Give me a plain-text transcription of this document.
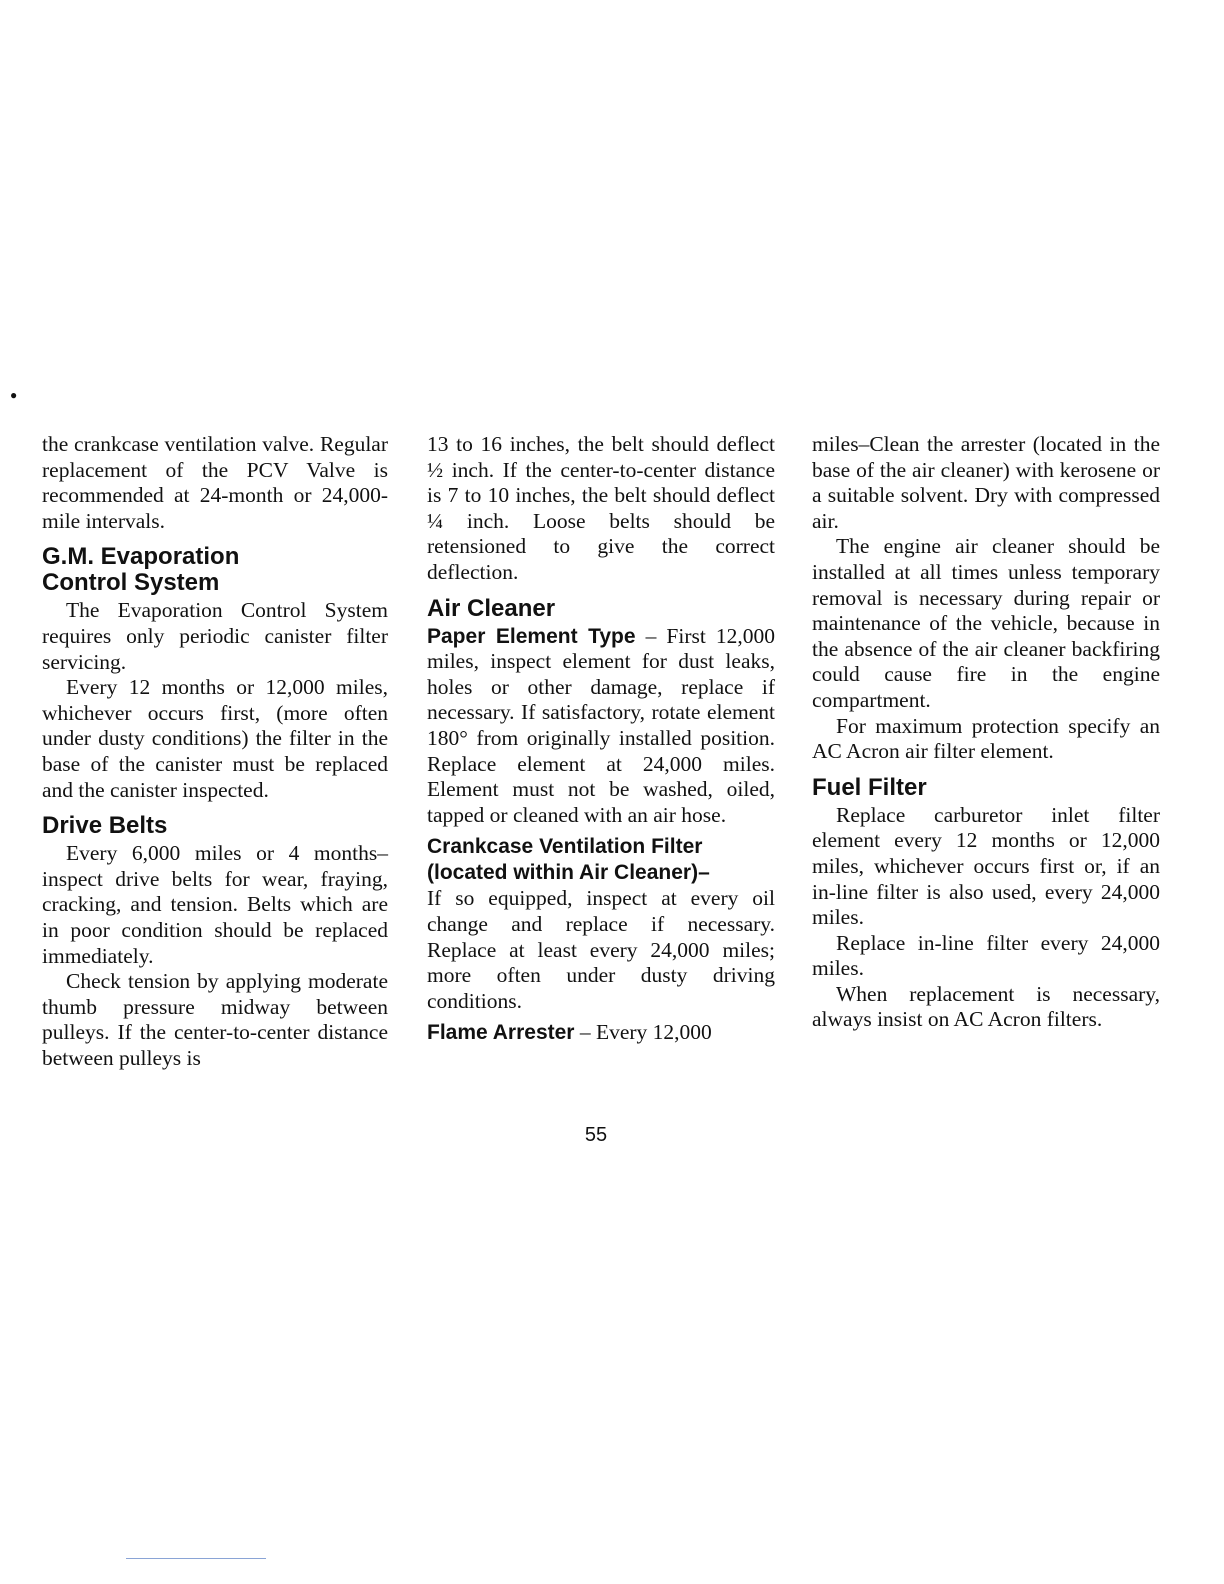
●

the crankcase ventilation valve. Regular replacement of the PCV Valve is recommended at 24-month or 24,000-mile intervals.

G.M. Evaporation
Control System

The Evaporation Control System requires only periodic canister filter servicing.

Every 12 months or 12,000 miles, whichever occurs first, (more often under dusty conditions) the filter in the base of the canister must be replaced and the canister inspected.

Drive Belts

Every 6,000 miles or 4 months–inspect drive belts for wear, fraying, cracking, and tension. Belts which are in poor condition should be replaced immediately.

Check tension by applying moderate thumb pressure midway between pulleys. If the center-to-center distance between pulleys is

13 to 16 inches, the belt should deflect ½ inch. If the center-to-center distance is 7 to 10 inches, the belt should deflect ¼ inch. Loose belts should be retensioned to give the correct deflection.

Air Cleaner

Paper Element Type – First 12,000 miles, inspect element for dust leaks, holes or other damage, replace if necessary. If satisfactory, rotate element 180° from originally installed position. Replace element at 24,000 miles. Element must not be washed, oiled, tapped or cleaned with an air hose.

Crankcase Ventilation Filter
(located within Air Cleaner)–

If so equipped, inspect at every oil change and replace if necessary. Replace at least every 24,000 miles; more often under dusty driving conditions.

Flame Arrester – Every 12,000

miles–Clean the arrester (located in the base of the air cleaner) with kerosene or a suitable solvent. Dry with compressed air.

The engine air cleaner should be installed at all times unless temporary removal is necessary during repair or maintenance of the vehicle, because in the absence of the air cleaner backfiring could cause fire in the engine compartment.

For maximum protection specify an AC Acron air filter element.

Fuel Filter

Replace carburetor inlet filter element every 12 months or 12,000 miles, whichever occurs first or, if an in-line filter is also used, every 24,000 miles.

Replace in-line filter every 24,000 miles.

When replacement is necessary, always insist on AC Acron filters.

55
